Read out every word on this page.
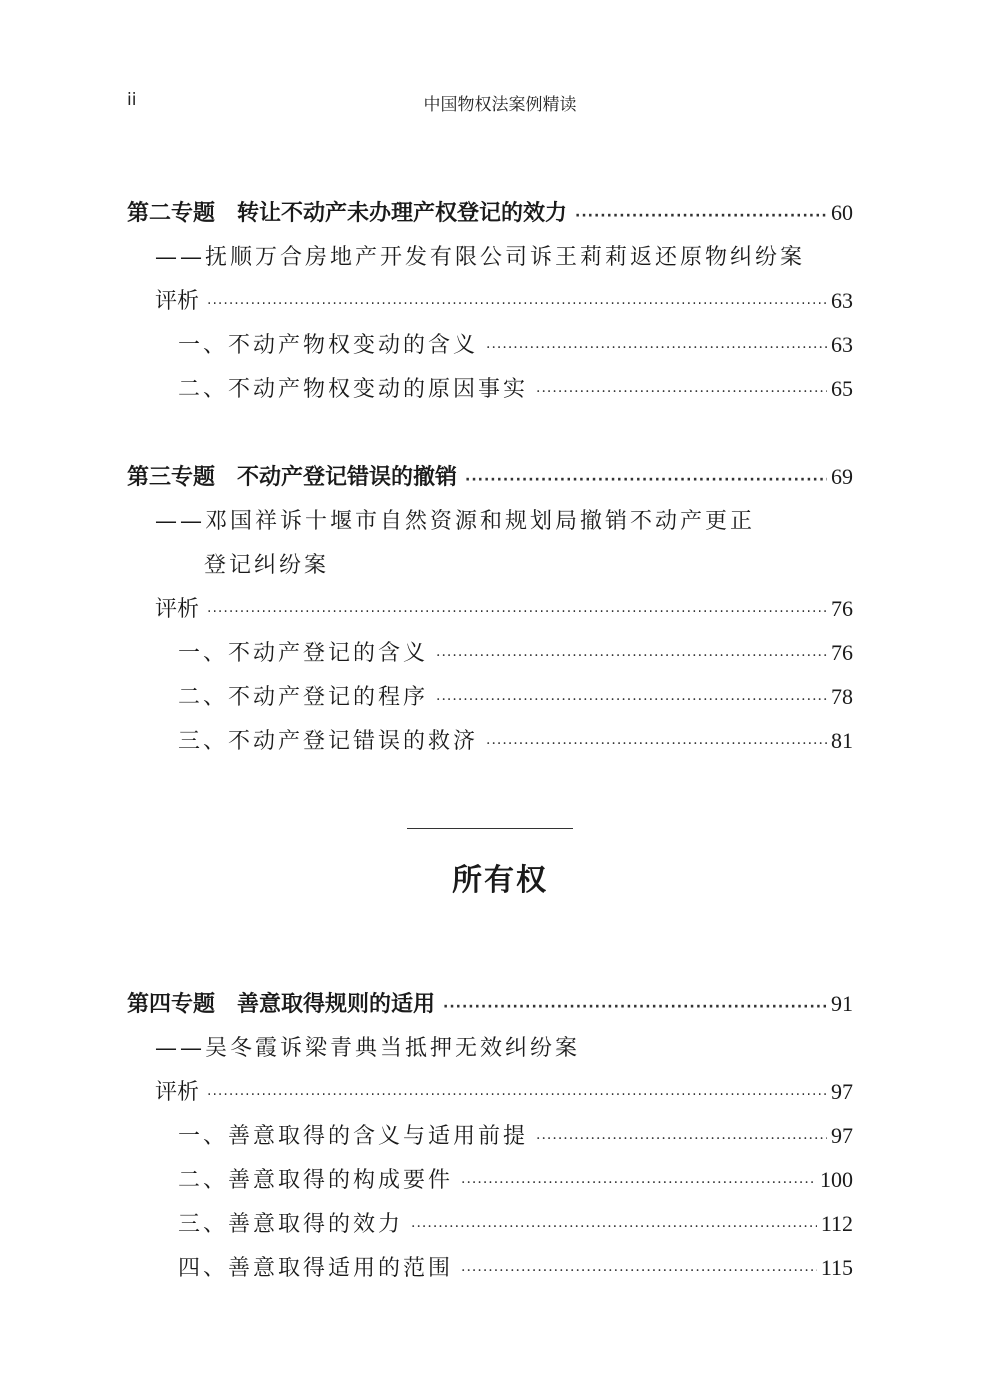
ii	中国物权法案例精读
第二专题　转让不动产未办理产权登记的效力 ·····	60
——抚顺万合房地产开发有限公司诉王莉莉返还原物纠纷案
评析 ·····	63
一、不动产物权变动的含义 ·····	63
二、不动产物权变动的原因事实 ·····	65
第三专题　不动产登记错误的撤销 ·····	69
——邓国祥诉十堰市自然资源和规划局撤销不动产更正
登记纠纷案
评析 ·····	76
一、不动产登记的含义 ·····	76
二、不动产登记的程序 ·····	78
三、不动产登记错误的救济 ·····	81
所有权
第四专题　善意取得规则的适用 ·····	91
——吴冬霞诉梁青典当抵押无效纠纷案
评析 ·····	97
一、善意取得的含义与适用前提 ·····	97
二、善意取得的构成要件 ·····	100
三、善意取得的效力 ·····	112
四、善意取得适用的范围 ·····	115
